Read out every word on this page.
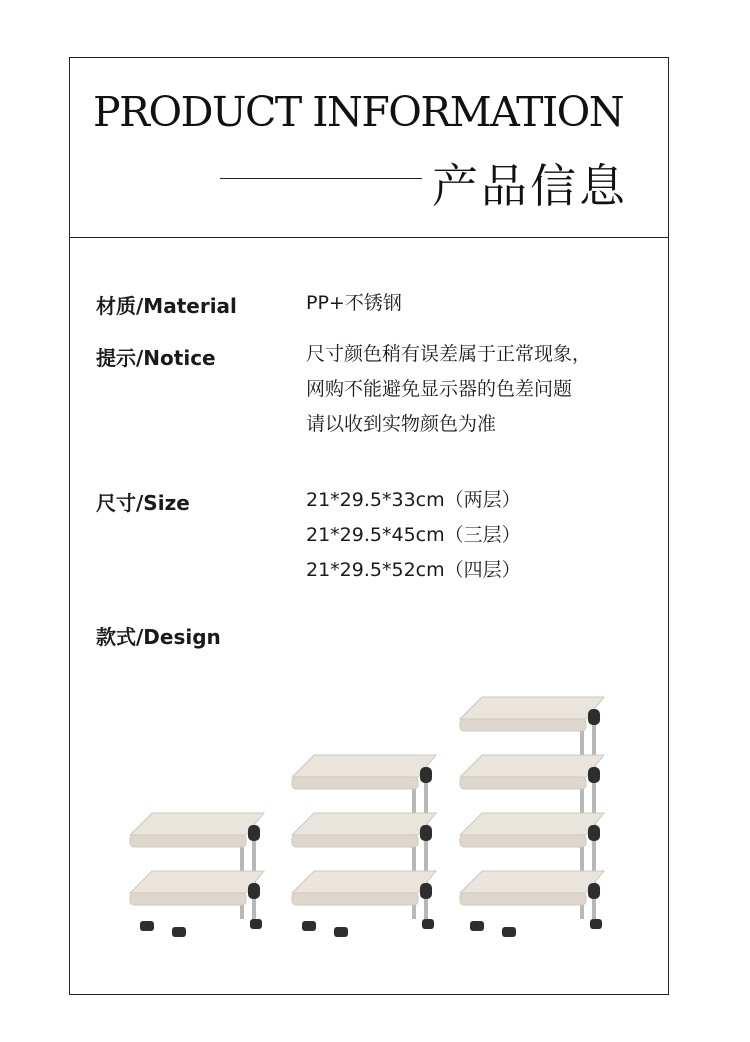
PRODUCT INFORMATION
产品信息
材质/Material	PP+不锈钢
提示/Notice	尺寸颜色稍有误差属于正常现象，
网购不能避免显示器的色差问题
请以收到实物颜色为准
尺寸/Size	21*29.5*33cm（两层）
21*29.5*45cm（三层）
21*29.5*52cm（四层）
款式/Design
